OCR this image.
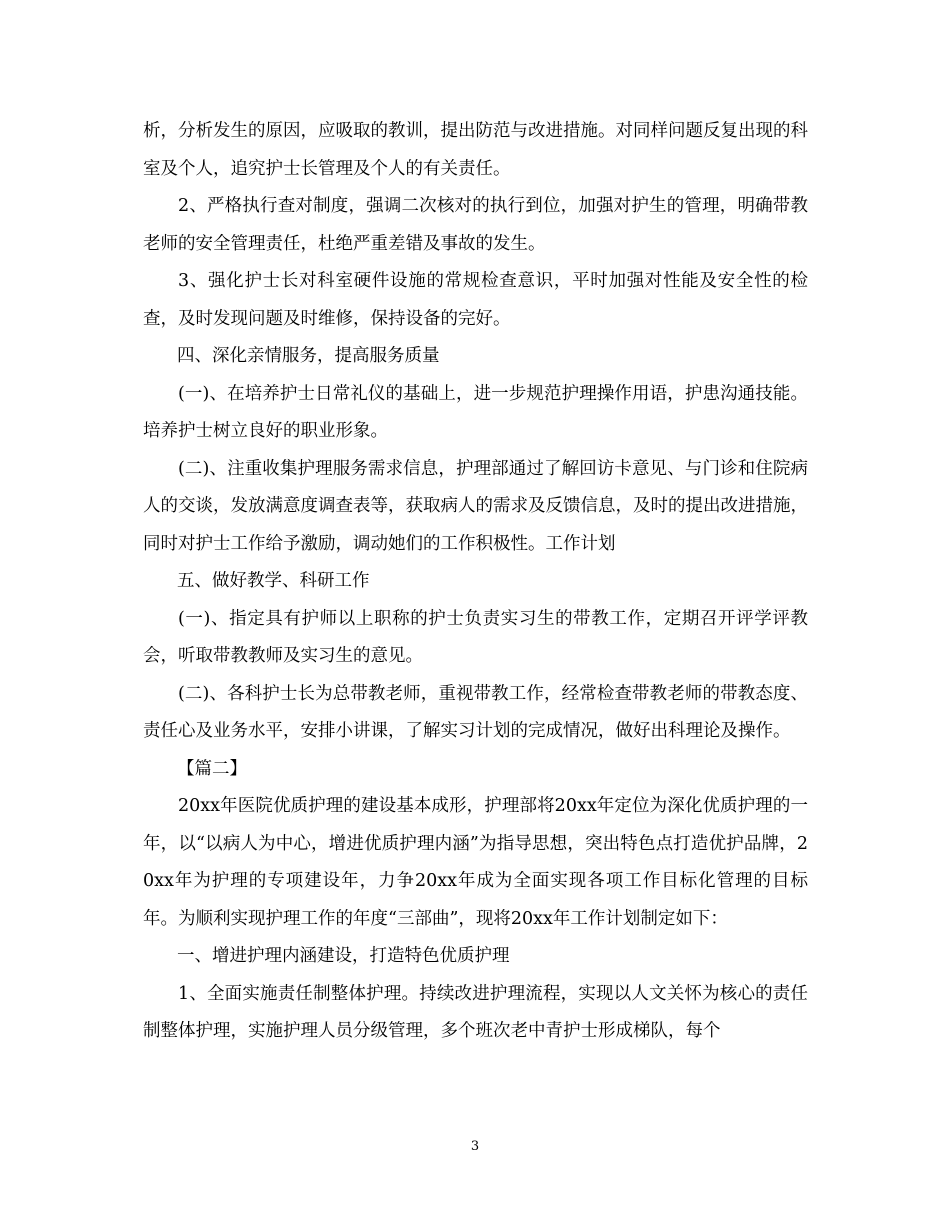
析，分析发生的原因，应吸取的教训，提出防范与改进措施。对同样问题反复出现的科室及个人，追究护士长管理及个人的有关责任。

2、严格执行查对制度，强调二次核对的执行到位，加强对护生的管理，明确带教老师的安全管理责任，杜绝严重差错及事故的发生。

3、强化护士长对科室硬件设施的常规检查意识，平时加强对性能及安全性的检查，及时发现问题及时维修，保持设备的完好。

四、深化亲情服务，提高服务质量

(一)、在培养护士日常礼仪的基础上，进一步规范护理操作用语，护患沟通技能。培养护士树立良好的职业形象。

(二)、注重收集护理服务需求信息，护理部通过了解回访卡意见、与门诊和住院病人的交谈，发放满意度调查表等，获取病人的需求及反馈信息，及时的提出改进措施，同时对护士工作给予激励，调动她们的工作积极性。工作计划

五、做好教学、科研工作

(一)、指定具有护师以上职称的护士负责实习生的带教工作，定期召开评学评教会，听取带教教师及实习生的意见。

(二)、各科护士长为总带教老师，重视带教工作，经常检查带教老师的带教态度、责任心及业务水平，安排小讲课，了解实习计划的完成情况，做好出科理论及操作。

【篇二】

20xx年医院优质护理的建设基本成形，护理部将20xx年定位为深化优质护理的一年，以“以病人为中心，增进优质护理内涵”为指导思想，突出特色点打造优护品牌，20xx年为护理的专项建设年，力争20xx年成为全面实现各项工作目标化管理的目标年。为顺利实现护理工作的年度“三部曲”，现将20xx年工作计划制定如下：

一、增进护理内涵建设，打造特色优质护理

1、全面实施责任制整体护理。持续改进护理流程，实现以人文关怀为核心的责任制整体护理，实施护理人员分级管理，多个班次老中青护士形成梯队，每个

3
